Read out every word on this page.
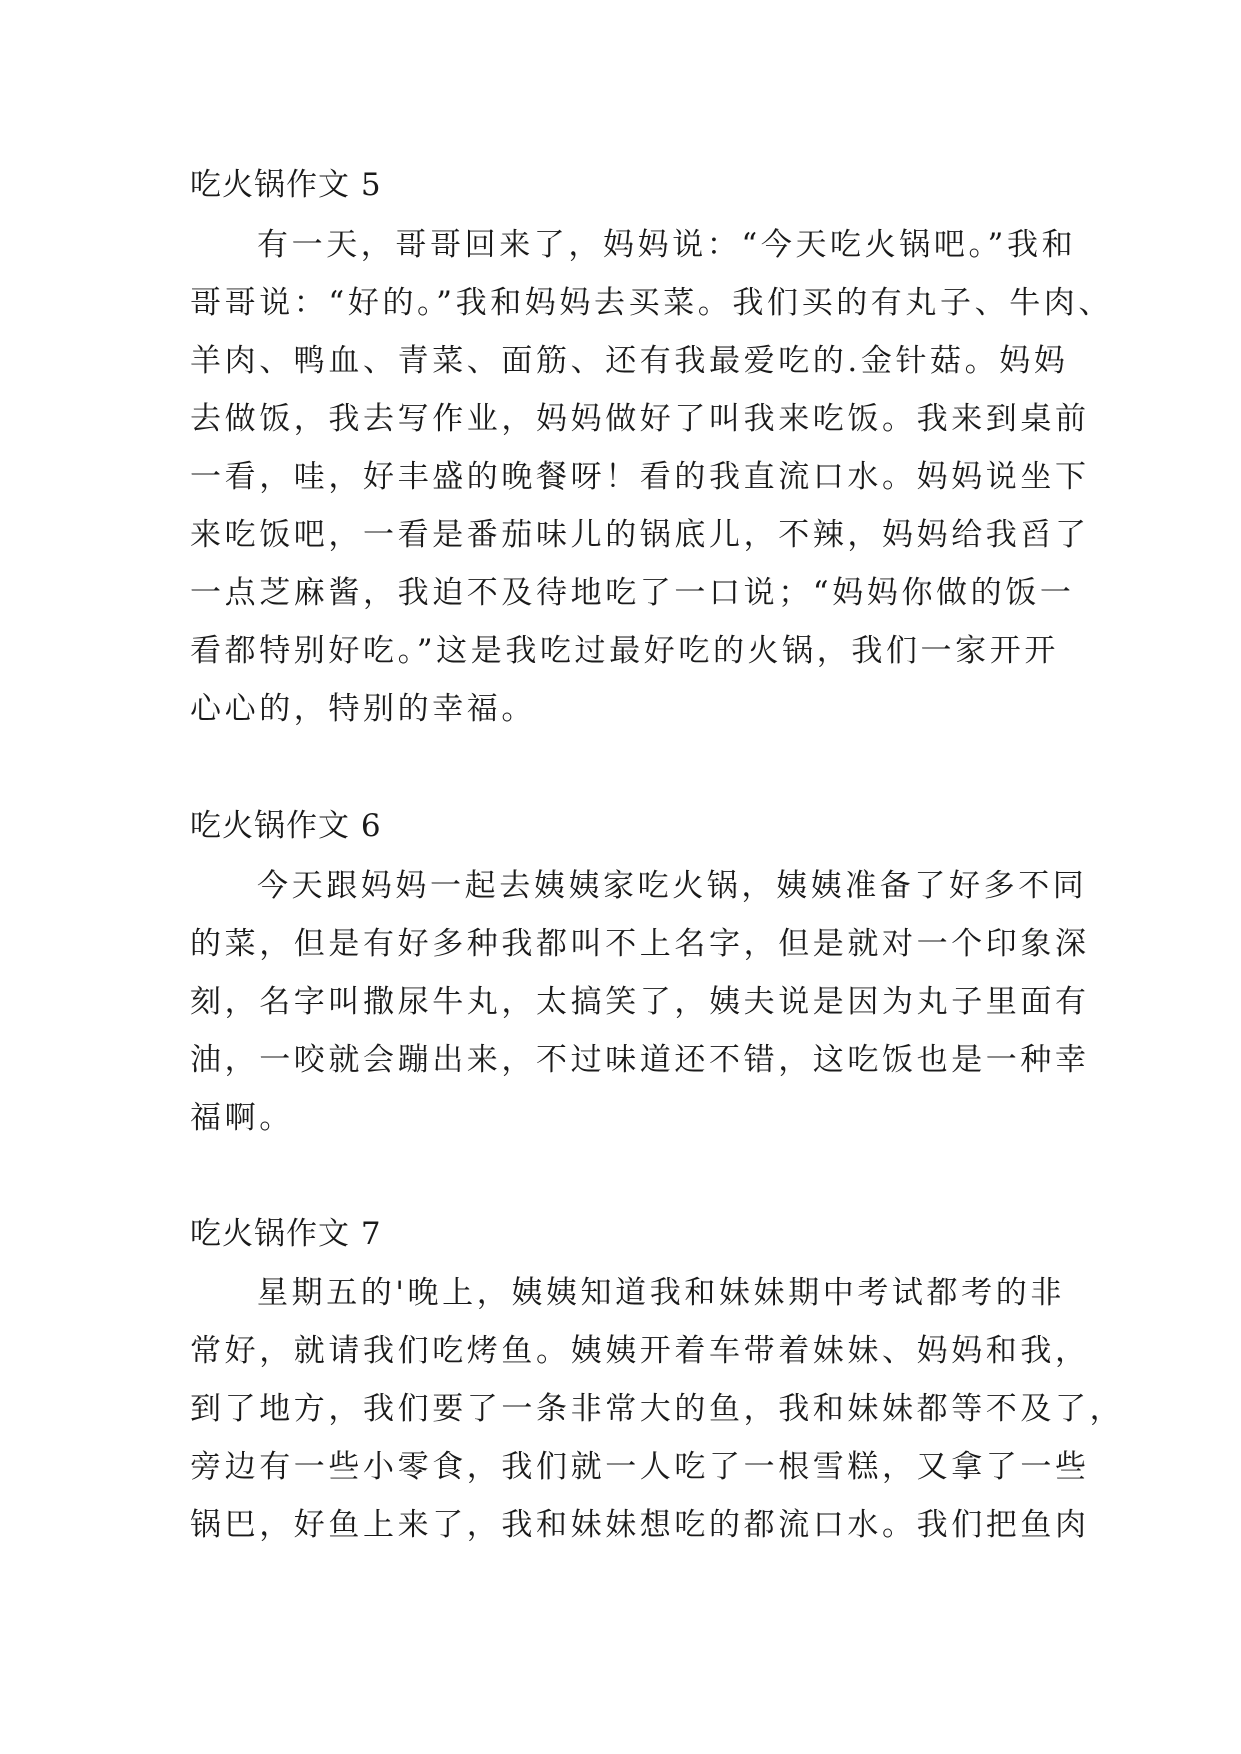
吃火锅作文 5
有一天，哥哥回来了，妈妈说：“今天吃火锅吧。”我和
哥哥说：“好的。”我和妈妈去买菜。我们买的有丸子、牛肉、
羊肉、鸭血、青菜、面筋、还有我最爱吃的.金针菇。妈妈
去做饭，我去写作业，妈妈做好了叫我来吃饭。我来到桌前
一看，哇，好丰盛的晚餐呀！看的我直流口水。妈妈说坐下
来吃饭吧，一看是番茄味儿的锅底儿，不辣，妈妈给我舀了
一点芝麻酱，我迫不及待地吃了一口说；“妈妈你做的饭一
看都特别好吃。”这是我吃过最好吃的火锅，我们一家开开
心心的，特别的幸福。
吃火锅作文 6
今天跟妈妈一起去姨姨家吃火锅，姨姨准备了好多不同
的菜，但是有好多种我都叫不上名字，但是就对一个印象深
刻，名字叫撒尿牛丸，太搞笑了，姨夫说是因为丸子里面有
油，一咬就会蹦出来，不过味道还不错，这吃饭也是一种幸
福啊。
吃火锅作文 7
星期五的'晚上，姨姨知道我和妹妹期中考试都考的非
常好，就请我们吃烤鱼。姨姨开着车带着妹妹、妈妈和我，
到了地方，我们要了一条非常大的鱼，我和妹妹都等不及了，
旁边有一些小零食，我们就一人吃了一根雪糕，又拿了一些
锅巴，好鱼上来了，我和妹妹想吃的都流口水。我们把鱼肉
